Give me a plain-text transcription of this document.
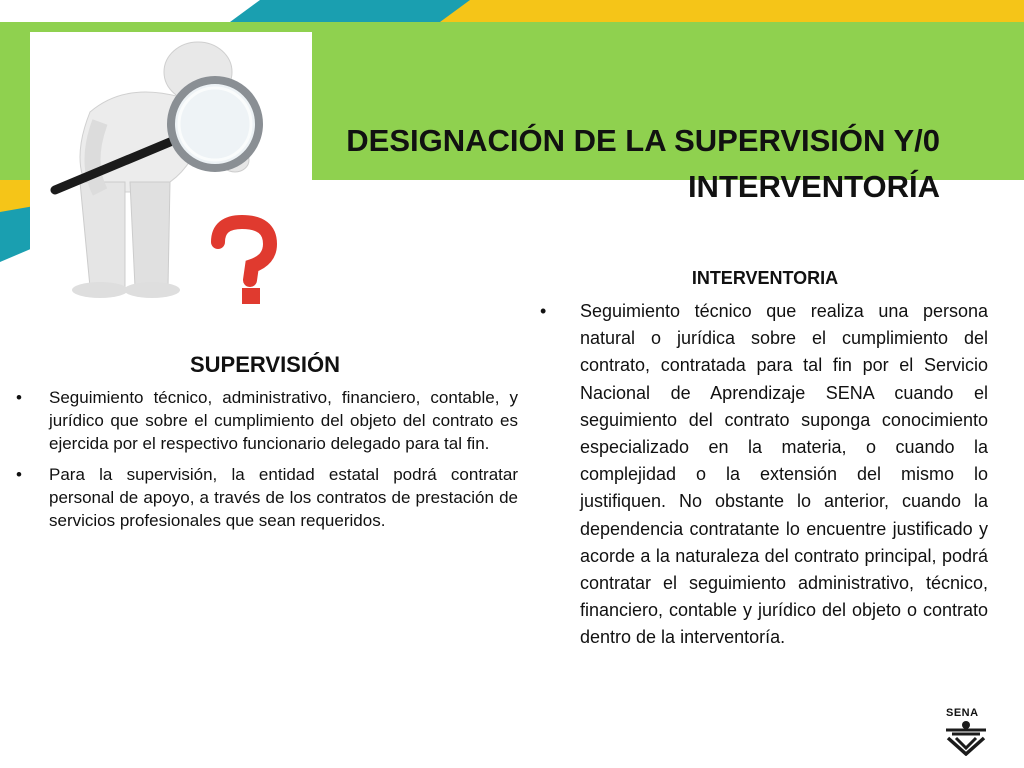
DESIGNACIÓN DE LA SUPERVISIÓN Y/0
INTERVENTORÍA
SUPERVISIÓN
• Seguimiento técnico, administrativo, financiero, contable, y jurídico que sobre el cumplimiento del objeto del contrato es ejercida por el respectivo funcionario delegado para tal fin.
• Para la supervisión, la entidad estatal podrá contratar personal de apoyo, a través de los contratos de prestación de servicios profesionales que sean requeridos.
INTERVENTORIA
• Seguimiento técnico que realiza una persona natural o jurídica sobre el cumplimiento del contrato, contratada para tal fin por el Servicio Nacional de Aprendizaje SENA cuando el seguimiento del contrato suponga conocimiento especializado en la materia, o cuando la complejidad o la extensión del mismo lo justifiquen. No obstante lo anterior, cuando la dependencia contratante lo encuentre justificado y acorde a la naturaleza del contrato principal, podrá contratar el seguimiento administrativo, técnico, financiero, contable y jurídico del objeto o contrato dentro de la interventoría.
SENA
